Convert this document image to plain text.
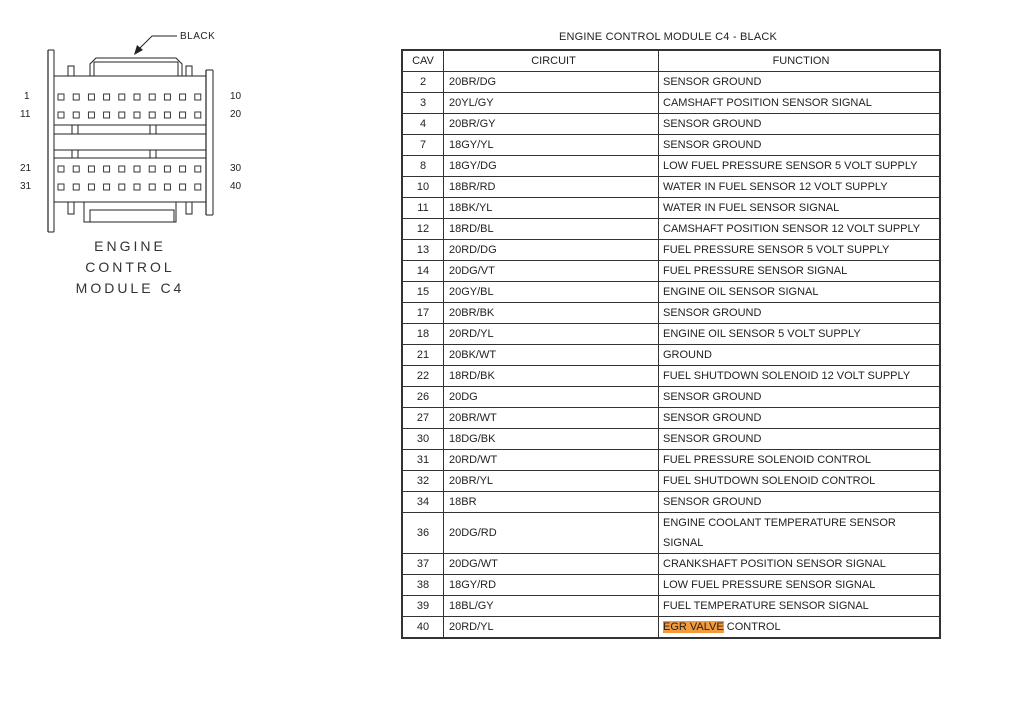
BLACK
1	10
11	20
21	30
31	40
ENGINE
CONTROL
MODULE C4
ENGINE CONTROL MODULE C4 - BLACK
CAV	CIRCUIT	FUNCTION
2	20BR/DG	SENSOR GROUND
3	20YL/GY	CAMSHAFT POSITION SENSOR SIGNAL
4	20BR/GY	SENSOR GROUND
7	18GY/YL	SENSOR GROUND
8	18GY/DG	LOW FUEL PRESSURE SENSOR 5 VOLT SUPPLY
10	18BR/RD	WATER IN FUEL SENSOR 12 VOLT SUPPLY
11	18BK/YL	WATER IN FUEL SENSOR SIGNAL
12	18RD/BL	CAMSHAFT POSITION SENSOR 12 VOLT SUPPLY
13	20RD/DG	FUEL PRESSURE SENSOR 5 VOLT SUPPLY
14	20DG/VT	FUEL PRESSURE SENSOR SIGNAL
15	20GY/BL	ENGINE OIL SENSOR SIGNAL
17	20BR/BK	SENSOR GROUND
18	20RD/YL	ENGINE OIL SENSOR 5 VOLT SUPPLY
21	20BK/WT	GROUND
22	18RD/BK	FUEL SHUTDOWN SOLENOID 12 VOLT SUPPLY
26	20DG	SENSOR GROUND
27	20BR/WT	SENSOR GROUND
30	18DG/BK	SENSOR GROUND
31	20RD/WT	FUEL PRESSURE SOLENOID CONTROL
32	20BR/YL	FUEL SHUTDOWN SOLENOID CONTROL
34	18BR	SENSOR GROUND
36	20DG/RD	ENGINE COOLANT TEMPERATURE SENSOR SIGNAL
37	20DG/WT	CRANKSHAFT POSITION SENSOR SIGNAL
38	18GY/RD	LOW FUEL PRESSURE SENSOR SIGNAL
39	18BL/GY	FUEL TEMPERATURE SENSOR SIGNAL
40	20RD/YL	EGR VALVE CONTROL
